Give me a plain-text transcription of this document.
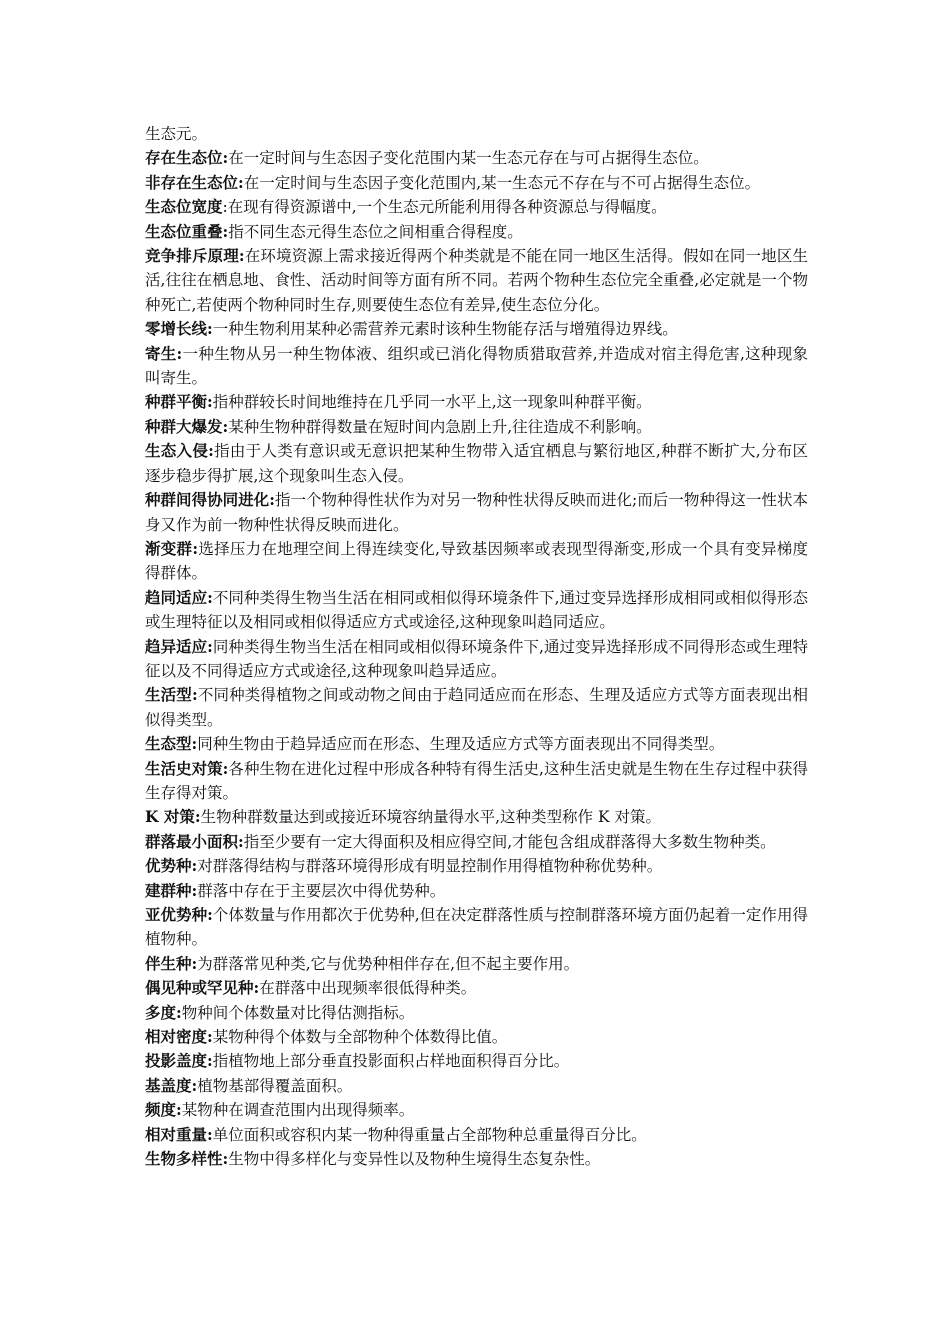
生态元。

存在生态位:在一定时间与生态因子变化范围内某一生态元存在与可占据得生态位。

非存在生态位:在一定时间与生态因子变化范围内,某一生态元不存在与不可占据得生态位。

生态位宽度:在现有得资源谱中,一个生态元所能利用得各种资源总与得幅度。

生态位重叠:指不同生态元得生态位之间相重合得程度。

竞争排斥原理:在环境资源上需求接近得两个种类就是不能在同一地区生活得。假如在同一地区生活,往往在栖息地、食性、活动时间等方面有所不同。若两个物种生态位完全重叠,必定就是一个物种死亡,若使两个物种同时生存,则要使生态位有差异,使生态位分化。

零增长线:一种生物利用某种必需营养元素时该种生物能存活与增殖得边界线。

寄生:一种生物从另一种生物体液、组织或已消化得物质猎取营养,并造成对宿主得危害,这种现象叫寄生。

种群平衡:指种群较长时间地维持在几乎同一水平上,这一现象叫种群平衡。

种群大爆发:某种生物种群得数量在短时间内急剧上升,往往造成不利影响。

生态入侵:指由于人类有意识或无意识把某种生物带入适宜栖息与繁衍地区,种群不断扩大,分布区逐步稳步得扩展,这个现象叫生态入侵。

种群间得协同进化:指一个物种得性状作为对另一物种性状得反映而进化;而后一物种得这一性状本身又作为前一物种性状得反映而进化。

渐变群:选择压力在地理空间上得连续变化,导致基因频率或表现型得渐变,形成一个具有变异梯度得群体。

趋同适应:不同种类得生物当生活在相同或相似得环境条件下,通过变异选择形成相同或相似得形态或生理特征以及相同或相似得适应方式或途径,这种现象叫趋同适应。

趋异适应:同种类得生物当生活在相同或相似得环境条件下,通过变异选择形成不同得形态或生理特征以及不同得适应方式或途径,这种现象叫趋异适应。

生活型:不同种类得植物之间或动物之间由于趋同适应而在形态、生理及适应方式等方面表现出相似得类型。

生态型:同种生物由于趋异适应而在形态、生理及适应方式等方面表现出不同得类型。

生活史对策:各种生物在进化过程中形成各种特有得生活史,这种生活史就是生物在生存过程中获得生存得对策。

K 对策:生物种群数量达到或接近环境容纳量得水平,这种类型称作 K 对策。

群落最小面积:指至少要有一定大得面积及相应得空间,才能包含组成群落得大多数生物种类。

优势种:对群落得结构与群落环境得形成有明显控制作用得植物种称优势种。

建群种:群落中存在于主要层次中得优势种。

亚优势种:个体数量与作用都次于优势种,但在决定群落性质与控制群落环境方面仍起着一定作用得植物种。

伴生种:为群落常见种类,它与优势种相伴存在,但不起主要作用。

偶见种或罕见种:在群落中出现频率很低得种类。

多度:物种间个体数量对比得估测指标。

相对密度:某物种得个体数与全部物种个体数得比值。

投影盖度:指植物地上部分垂直投影面积占样地面积得百分比。

基盖度:植物基部得覆盖面积。

频度:某物种在调查范围内出现得频率。

相对重量:单位面积或容积内某一物种得重量占全部物种总重量得百分比。

生物多样性:生物中得多样化与变异性以及物种生境得生态复杂性。
